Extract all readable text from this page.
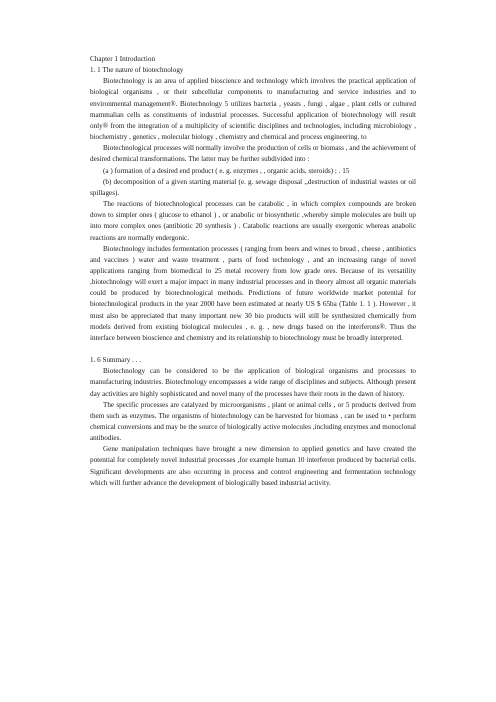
Chapter 1 Introduction

1. 1 The nature of biotechnology

Biotechnology is an area of applied bioscience and technology which involves the practical application of biological organisms , or their subcellular components to manufacturing and service industries and to environmental management®. Biotechnology 5 utilizes bacteria , yeasts , fungi , algae , plant cells or cultured mammalian cells as constituents of industrial processes. Successful application of biotechnology will result only® from the integration of a multiplicity of scientific disciplines and technologies, including microbiology , biochemistry , genetics , molecular biology , chemistry and chemical and process engineering. to

Biotechnological processes will normally involve the production of cells or biomass , and the achievement of desired chemical transformations. The latter may be further subdivided into :

(a ) formation of a desired end product ( e. g. enzymes , , organic acids, steroids) ; . 15

(b) decomposition of a given starting material (e. g. sewage disposal ,,destruction of industrial wastes or oil spillages).

The reactions of biotechnological processes can be catabolic , in which complex compounds are broken down to simpler ones ( glucose to ethanol ) , or anabolic or biosynthetic ,whereby simple molecules are built up into more complex ones (antibiotic 20 synthesis ) . Catabolic reactions are usually exergonic whereas anabolic reactions are normally endergonic.

Biotechnology includes fermentation processes ( ranging from beers and wines to bread , cheese , antibiotics and vaccines ) water and waste treatment , parts of food technology , and an increasing range of novel applications ranging from biomedical to 25 metal recovery from low grade ores. Because of its versatility ,biotechnology will exert a major impact in many industrial processes and in theory almost all organic materials could be produced by biotechnological methods. Predictions of future worldwide market potential for biotechnological products in the year 2000 have been estimated at nearly US $ 65ba (Table 1. 1 ). However , it must also be appreciated that many important new 30 bio products will still be synthesized chemically from models derived from existing biological molecules , e. g. , new drugs based on the interferons®. Thus the interface between bioscience and chemistry and its relationship to biotechnology must be broadly interpreted.

1. 6 Summary . . .

Biotechnology can be considered to be the application of biological organisms and processes to manufacturing industries. Biotechnology encompasses a wide range of disciplines and subjects. Although present day activities are highly sophisticated and novel many of the processes have their roots in the dawn of history.

The specific processes are catalyzed by microorganisms , plant or animal cells , or 5 products derived from them such as enzymes. The organisms of biotechnology can be harvested for biomass , can be used to • perform chemical conversions and may be the source of biologically active molecules ,including enzymes and monoclonal antibodies.

Gene manipulation techniques have brought a new dimension to applied genetics and have created the potential for completely novel industrial processes ,for example human 10 interferon produced by bacterial cells. Significant developments are also occurring in process and control engineering and fermentation technology which will further advance the development of biologically based industrial activity.
